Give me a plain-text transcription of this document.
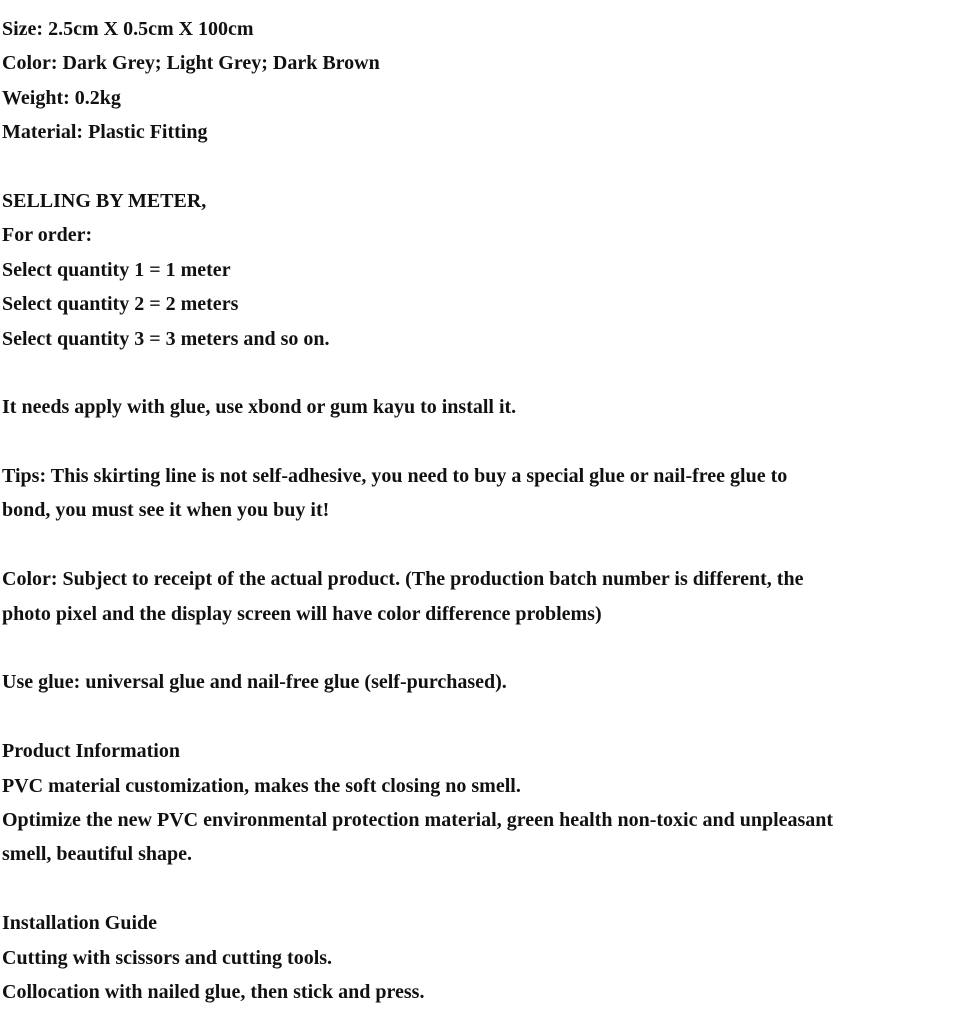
Size: 2.5cm X 0.5cm X 100cm
Color: Dark Grey; Light Grey; Dark Brown
Weight: 0.2kg
Material: Plastic Fitting
SELLING BY METER,
For order:
Select quantity 1 = 1 meter
Select quantity 2 = 2 meters
Select quantity 3 = 3 meters and so on.
It needs apply with glue, use xbond or gum kayu to install it.
Tips: This skirting line is not self-adhesive, you need to buy a special glue or nail-free glue to
bond, you must see it when you buy it!
Color: Subject to receipt of the actual product. (The production batch number is different, the
photo pixel and the display screen will have color difference problems)
Use glue: universal glue and nail-free glue (self-purchased).
Product Information
PVC material customization, makes the soft closing no smell.
Optimize the new PVC environmental protection material, green health non-toxic and unpleasant
smell, beautiful shape.
Installation Guide
Cutting with scissors and cutting tools.
Collocation with nailed glue, then stick and press.
